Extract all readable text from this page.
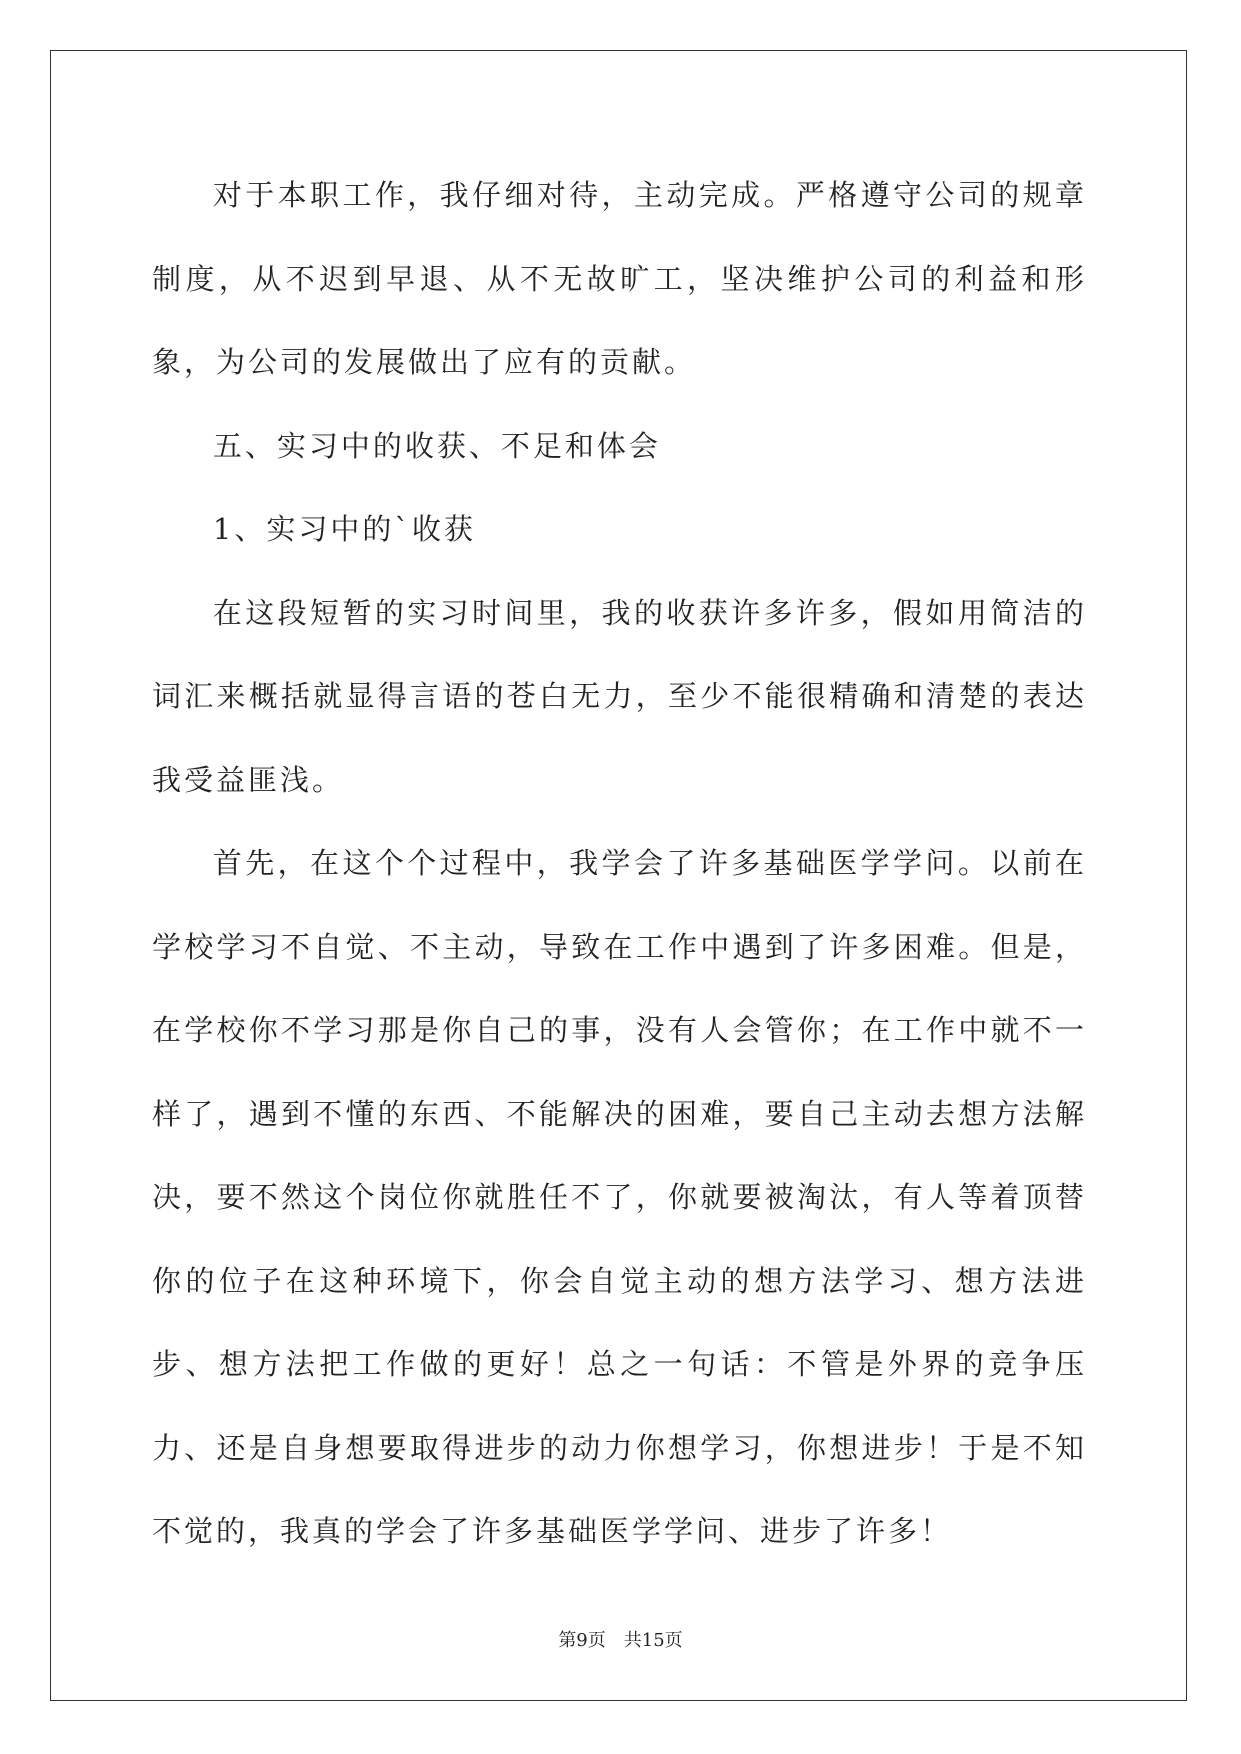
对于本职工作，我仔细对待，主动完成。严格遵守公司的规章制度，从不迟到早退、从不无故旷工，坚决维护公司的利益和形象，为公司的发展做出了应有的贡献。

五、实习中的收获、不足和体会

1、实习中的`收获

在这段短暂的实习时间里，我的收获许多许多，假如用简洁的词汇来概括就显得言语的苍白无力，至少不能很精确和清楚的表达我受益匪浅。

首先，在这个个过程中，我学会了许多基础医学学问。以前在学校学习不自觉、不主动，导致在工作中遇到了许多困难。但是，在学校你不学习那是你自己的事，没有人会管你；在工作中就不一样了，遇到不懂的东西、不能解决的困难，要自己主动去想方法解决，要不然这个岗位你就胜任不了，你就要被淘汰，有人等着顶替你的位子在这种环境下，你会自觉主动的想方法学习、想方法进步、想方法把工作做的更好！总之一句话：不管是外界的竞争压力、还是自身想要取得进步的动力你想学习，你想进步！于是不知不觉的，我真的学会了许多基础医学学问、进步了许多！

第9页　共15页
